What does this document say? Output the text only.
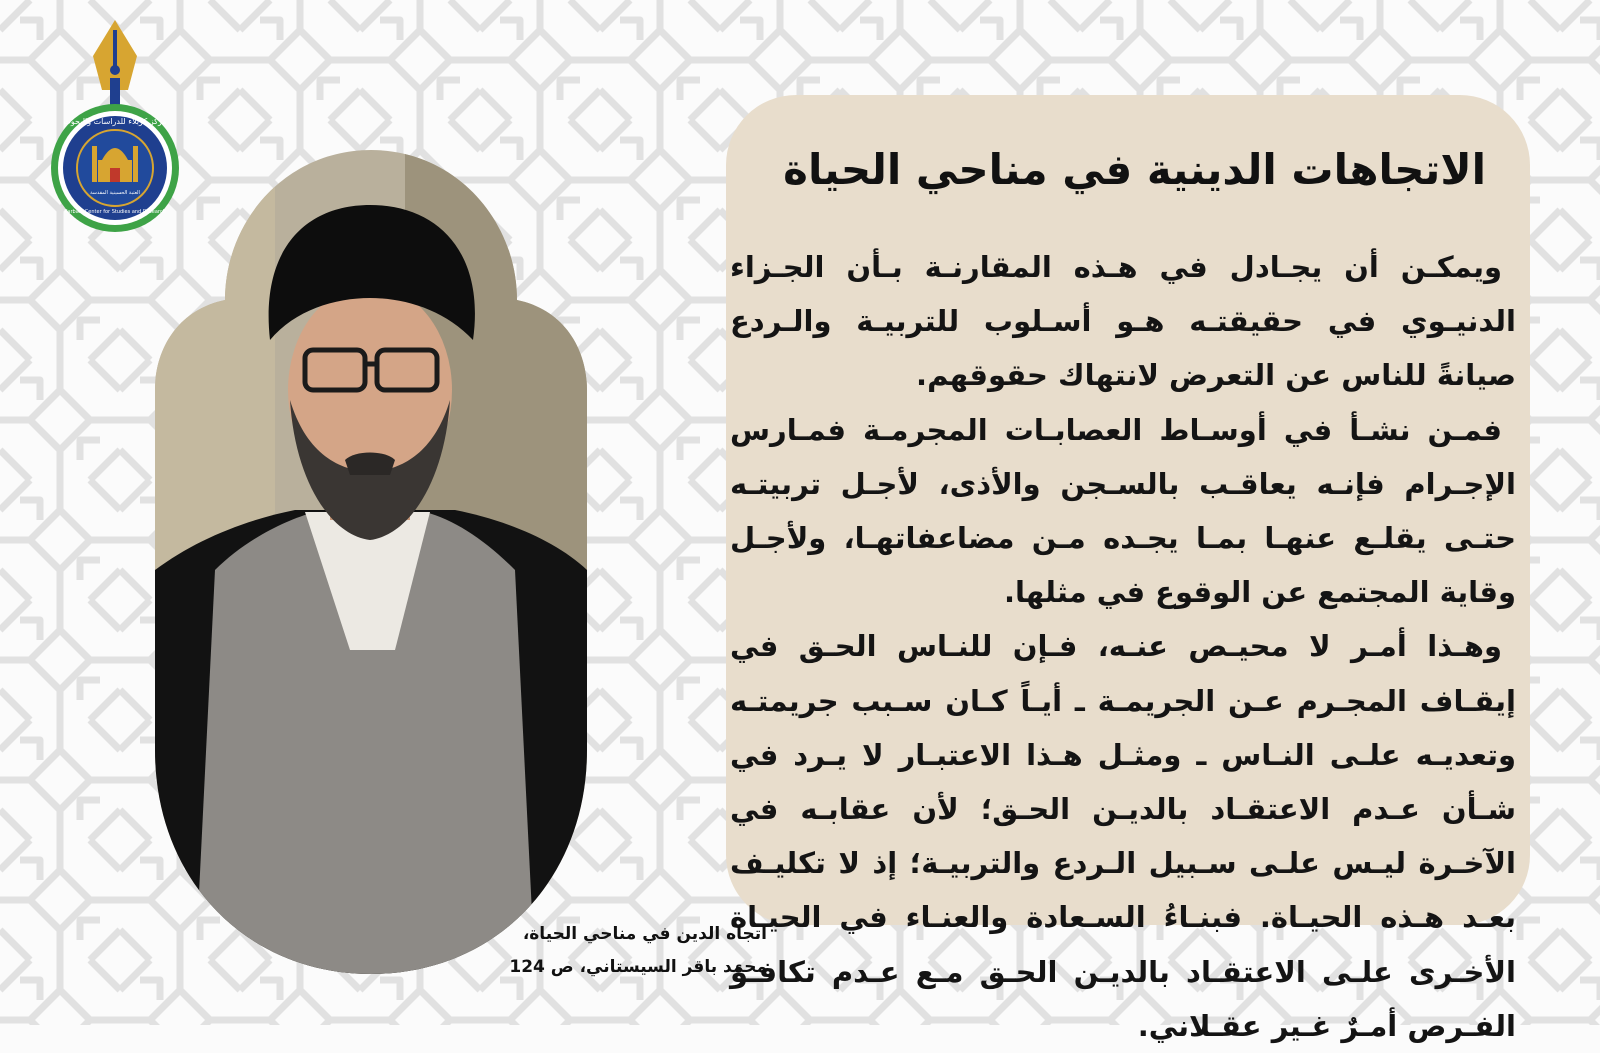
مركز كربلاء للدراسات والبحوث
العتبة الحسينية المقدسة
Karbala Center for Studies and Research
الاتجاهات الدينية في مناحي الحياة

ويمكـن أن يجـادل في هـذه المقارنـة بـأن الجـزاء الدنيـوي في حقيقتـه هـو أسـلوب للتربيـة والـردع صيانةً للناس عن التعرض لانتهاك حقوقهم.

فمـن نشـأ في أوسـاط العصابـات المجرمـة فمـارس الإجـرام فإنـه يعاقـب بالسـجن والأذى، لأجـل تربيتـه حتـى يقلـع عنهـا بمـا يجـده مـن مضاعفاتهـا، ولأجـل وقاية المجتمع عن الوقوع في مثلها.

وهـذا أمـر لا محيـص عنـه، فـإن للنـاس الحـق في إيقـاف المجـرم عـن الجريمـة ـ أيـاً كـان سـبب جريمتـه وتعديـه علـى النـاس ـ ومثـل هـذا الاعتبـار لا يـرد في شـأن عـدم الاعتقـاد بالديـن الحـق؛ لأن عقابـه في الآخـرة ليـس علـى سـبيل الـردع والتربيـة؛ إذ لا تكليـف بعـد هـذه الحيـاة. فبنـاءُ السـعادة والعنـاء في الحيـاة الأخـرى علـى الاعتقـاد بالديـن الحـق مـع عـدم تكافـؤ الفـرص أمـرٌ غـير عقـلاني.

اتجاه الدين في مناحي الحياة،
محمد باقر السيستاني، ص 124
